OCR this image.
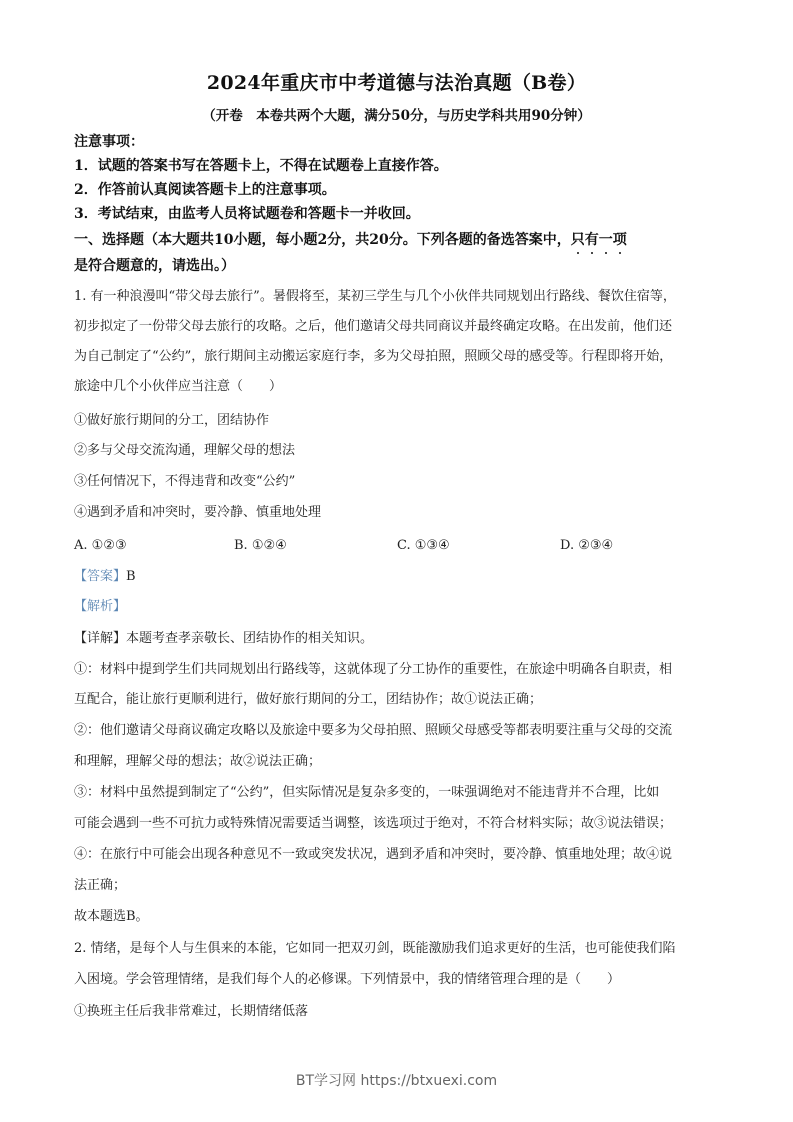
2024年重庆市中考道德与法治真题（B卷）
（开卷　本卷共两个大题，满分50分，与历史学科共用90分钟）
注意事项：
1．试题的答案书写在答题卡上，不得在试题卷上直接作答。
2．作答前认真阅读答题卡上的注意事项。
3．考试结束，由监考人员将试题卷和答题卡一并收回。
一、选择题（本大题共10小题，每小题2分，共20分。下列各题的备选答案中，只有一项
是符合题意的，请选出。）
1. 有一种浪漫叫“带父母去旅行”。暑假将至，某初三学生与几个小伙伴共同规划出行路线、餐饮住宿等，
初步拟定了一份带父母去旅行的攻略。之后，他们邀请父母共同商议并最终确定攻略。在出发前，他们还
为自己制定了“公约”，旅行期间主动搬运家庭行李，多为父母拍照，照顾父母的感受等。行程即将开始，
旅途中几个小伙伴应当注意（　　）
①做好旅行期间的分工，团结协作
②多与父母交流沟通，理解父母的想法
③任何情况下，不得违背和改变“公约”
④遇到矛盾和冲突时，要冷静、慎重地处理
A. ①②③	B. ①②④	C. ①③④	D. ②③④
【答案】B
【解析】
【详解】本题考查孝亲敬长、团结协作的相关知识。
①：材料中提到学生们共同规划出行路线等，这就体现了分工协作的重要性，在旅途中明确各自职责，相
互配合，能让旅行更顺利进行，做好旅行期间的分工，团结协作；故①说法正确；
②：他们邀请父母商议确定攻略以及旅途中要多为父母拍照、照顾父母感受等都表明要注重与父母的交流
和理解，理解父母的想法；故②说法正确；
③：材料中虽然提到制定了“公约”，但实际情况是复杂多变的，一味强调绝对不能违背并不合理，比如
可能会遇到一些不可抗力或特殊情况需要适当调整，该选项过于绝对，不符合材料实际；故③说法错误；
④：在旅行中可能会出现各种意见不一致或突发状况，遇到矛盾和冲突时，要冷静、慎重地处理；故④说
法正确；
故本题选B。
2. 情绪，是每个人与生俱来的本能，它如同一把双刃剑，既能激励我们追求更好的生活，也可能使我们陷
入困境。学会管理情绪，是我们每个人的必修课。下列情景中，我的情绪管理合理的是（　　）
①换班主任后我非常难过，长期情绪低落
BT学习网 https://btxuexi.com
